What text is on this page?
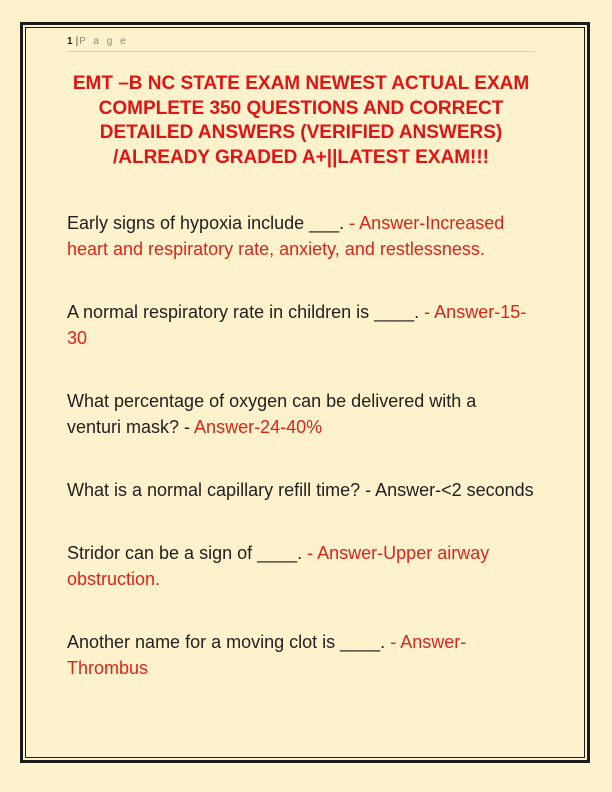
1 |P a g e
EMT –B NC STATE EXAM NEWEST ACTUAL EXAM
COMPLETE 350 QUESTIONS AND CORRECT
DETAILED ANSWERS (VERIFIED ANSWERS)
/ALREADY GRADED A+||LATEST EXAM!!!

Early signs of hypoxia include ___. - Answer-Increased heart and respiratory rate, anxiety, and restlessness.

A normal respiratory rate in children is ____. - Answer-15-30

What percentage of oxygen can be delivered with a venturi mask? - Answer-24-40%

What is a normal capillary refill time? - Answer-<2 seconds

Stridor can be a sign of ____. - Answer-Upper airway obstruction.

Another name for a moving clot is ____. - Answer-Thrombus
